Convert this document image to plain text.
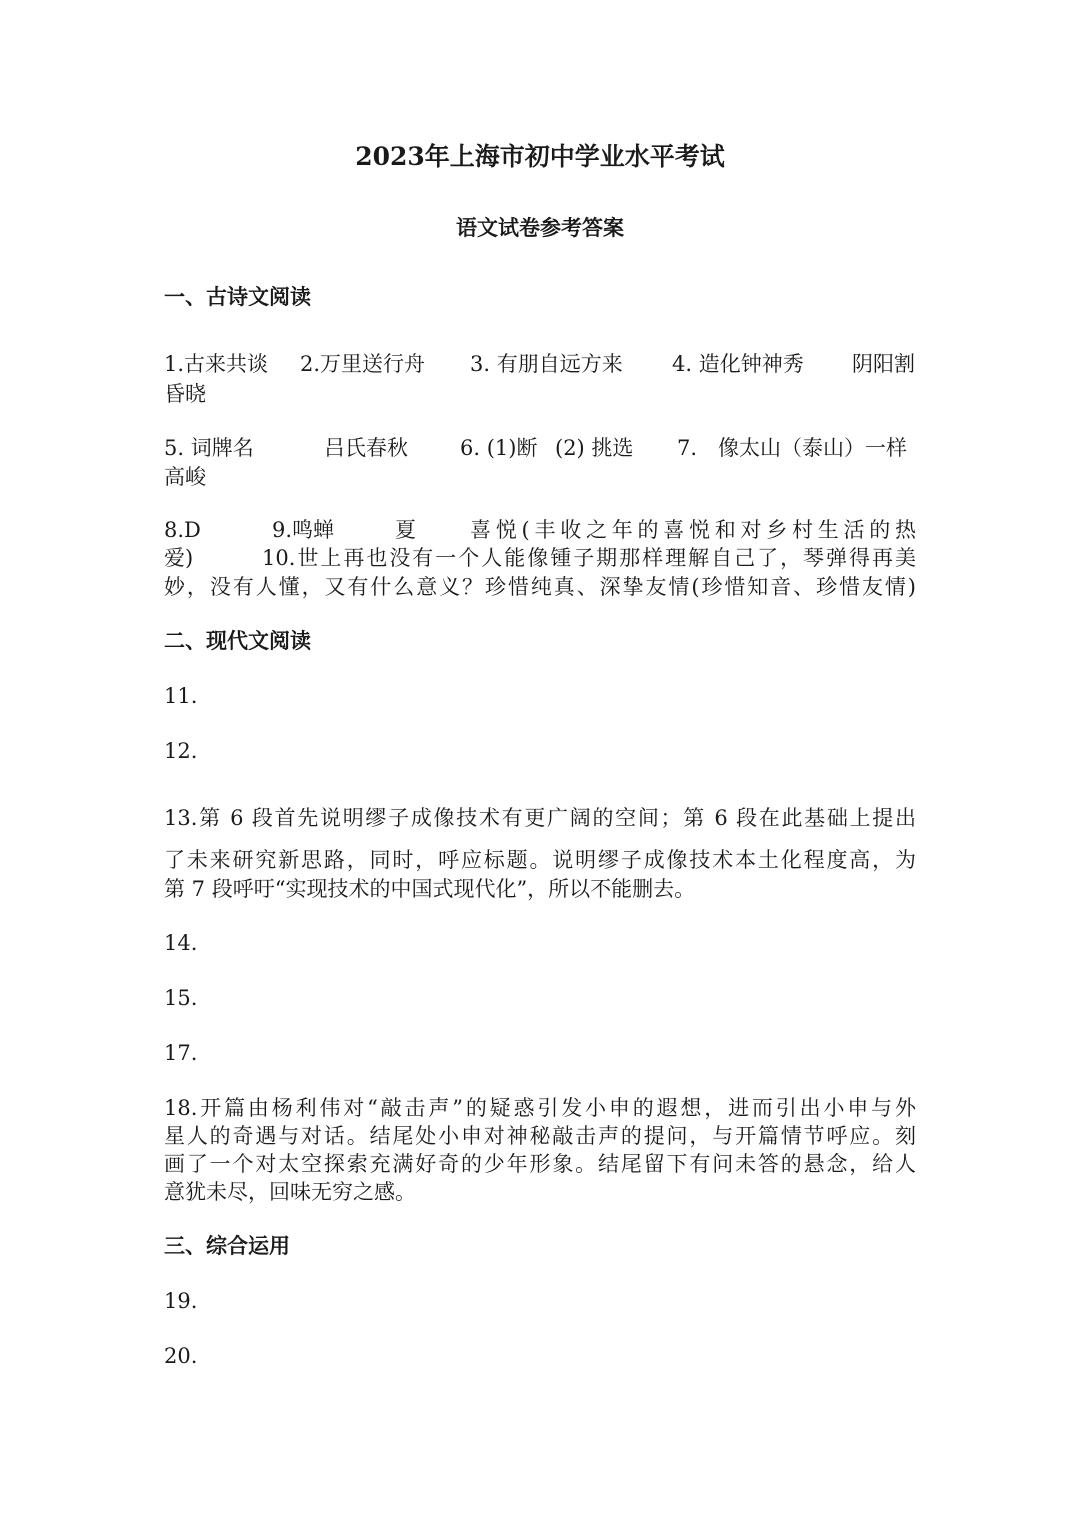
2023年上海市初中学业水平考试
语文试卷参考答案
一、古诗文阅读
1.古来共谈 2.万里送行舟 3. 有朋自远方来 4. 造化钟神秀 阴阳割
昏晓
5. 词牌名	吕氏春秋 6. (1)断 (2) 挑选 7. 像太山（泰山）一样
高峻
8.D	9.鸣蝉	夏	喜悦(丰收之年的喜悦和对乡村生活的热
爱)	10.世上再也没有一个人能像锺子期那样理解自己了，琴弹得再美
妙，没有人懂，又有什么意义？珍惜纯真、深挚友情(珍惜知音、珍惜友情)
二、现代文阅读
11.
12.
13.第 6 段首先说明缪子成像技术有更广阔的空间；第 6 段在此基础上提出
了未来研究新思路，同时，呼应标题。说明缪子成像技术本土化程度高，为
第 7 段呼吁“实现技术的中国式现代化”，所以不能删去。
14.
15.
17.
18.开篇由杨利伟对“敲击声”的疑惑引发小申的遐想，进而引出小申与外
星人的奇遇与对话。结尾处小申对神秘敲击声的提问，与开篇情节呼应。刻
画了一个对太空探索充满好奇的少年形象。结尾留下有问未答的悬念，给人
意犹未尽，回味无穷之感。
三、综合运用
19.
20.
